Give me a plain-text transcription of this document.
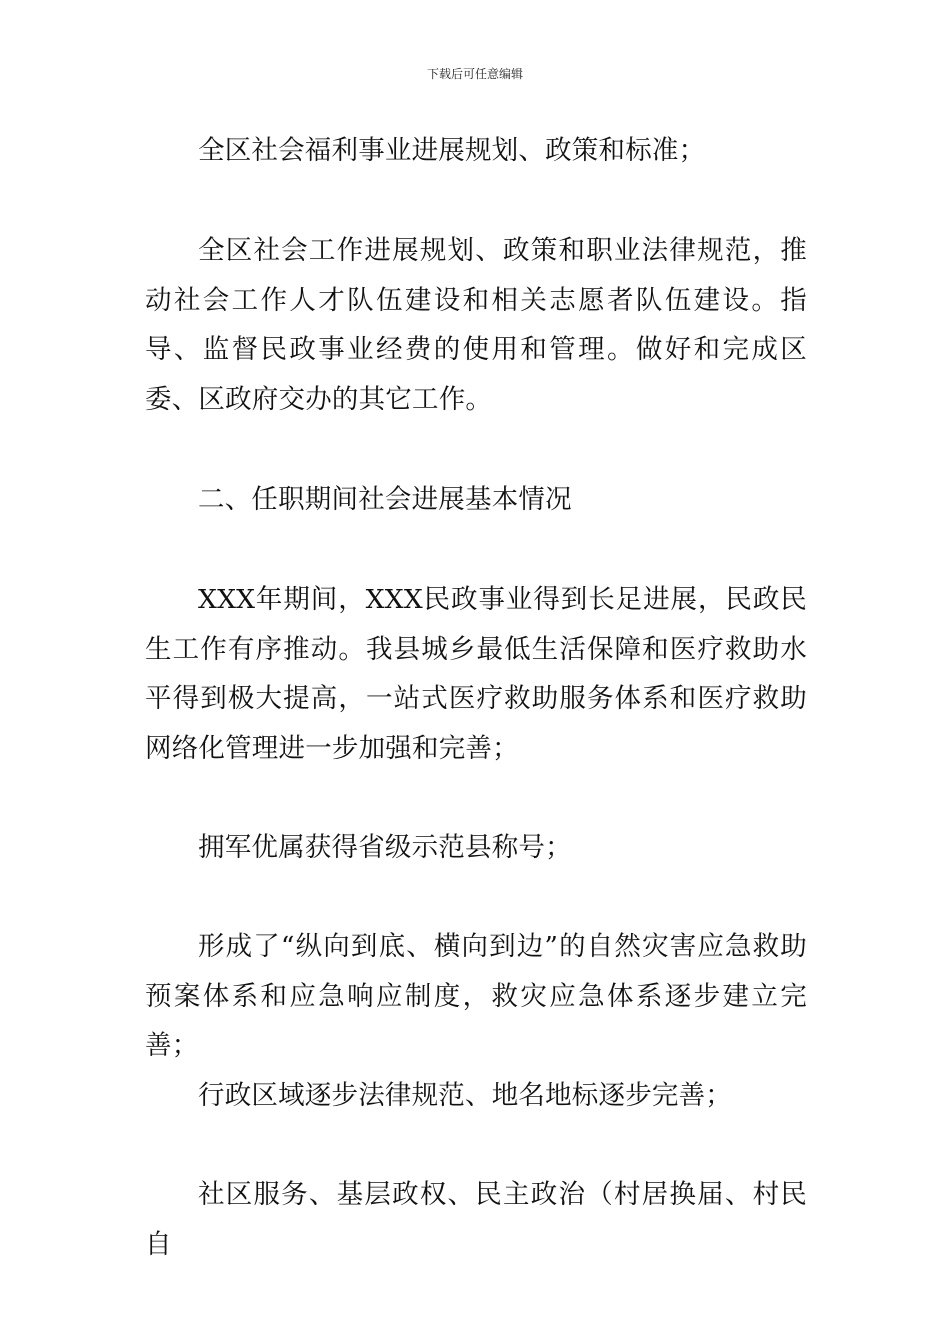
下载后可任意编辑

全区社会福利事业进展规划、政策和标准；

全区社会工作进展规划、政策和职业法律规范，推动社会工作人才队伍建设和相关志愿者队伍建设。指导、监督民政事业经费的使用和管理。做好和完成区委、区政府交办的其它工作。

二、任职期间社会进展基本情况

XXX年期间，XXX民政事业得到长足进展，民政民生工作有序推动。我县城乡最低生活保障和医疗救助水平得到极大提高，一站式医疗救助服务体系和医疗救助网络化管理进一步加强和完善；

拥军优属获得省级示范县称号；

形成了“纵向到底、横向到边”的自然灾害应急救助预案体系和应急响应制度，救灾应急体系逐步建立完善；

行政区域逐步法律规范、地名地标逐步完善；

社区服务、基层政权、民主政治（村居换届、村民自
